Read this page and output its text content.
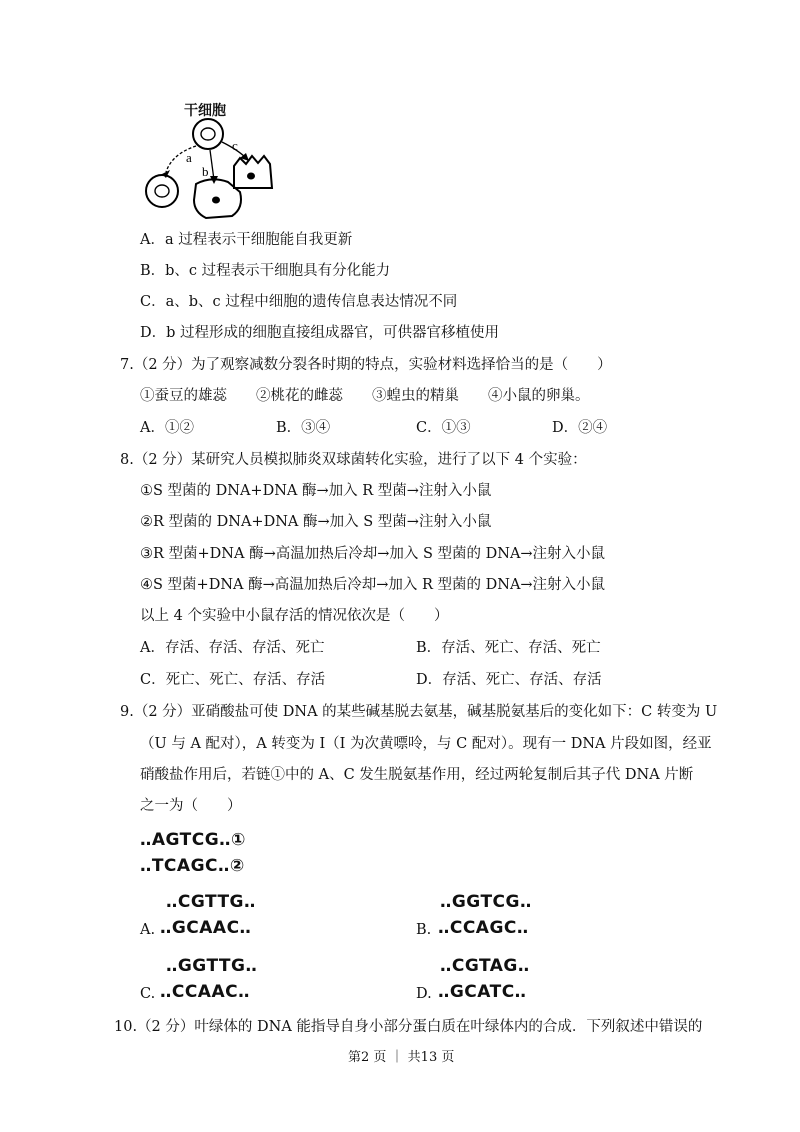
干细胞
a
b
c
A．a 过程表示干细胞能自我更新
B．b、c 过程表示干细胞具有分化能力
C．a、b、c 过程中细胞的遗传信息表达情况不同
D．b 过程形成的细胞直接组成器官，可供器官移植使用
7.（2 分）为了观察减数分裂各时期的特点，实验材料选择恰当的是（　　）
①蚕豆的雄蕊 ②桃花的雌蕊 ③蝗虫的精巢 ④小鼠的卵巢。
A．①②	B．③④	C．①③	D．②④
8.（2 分）某研究人员模拟肺炎双球菌转化实验，进行了以下 4 个实验：
①S 型菌的 DNA+DNA 酶→加入 R 型菌→注射入小鼠
②R 型菌的 DNA+DNA 酶→加入 S 型菌→注射入小鼠
③R 型菌+DNA 酶→高温加热后冷却→加入 S 型菌的 DNA→注射入小鼠
④S 型菌+DNA 酶→高温加热后冷却→加入 R 型菌的 DNA→注射入小鼠
以上 4 个实验中小鼠存活的情况依次是（　　）
A．存活、存活、存活、死亡	B．存活、死亡、存活、死亡
C．死亡、死亡、存活、存活	D．存活、死亡、存活、存活
9.（2 分）亚硝酸盐可使 DNA 的某些碱基脱去氨基，碱基脱氨基后的变化如下：C 转变为 U
（U 与 A 配对），A 转变为 I（I 为次黄嘌呤，与 C 配对）。现有一 DNA 片段如图，经亚
硝酸盐作用后，若链①中的 A、C 发生脱氨基作用，经过两轮复制后其子代 DNA 片断
之一为（　　）
‥AGTCG‥①
‥TCAGC‥②
‥CGTTG‥
A. ‥GCAAC‥
‥GGTCG‥
B. ‥CCAGC‥
‥GGTTG‥
C. ‥CCAAC‥
‥CGTAG‥
D. ‥GCATC‥
10.（2 分）叶绿体的 DNA 能指导自身小部分蛋白质在叶绿体内的合成．下列叙述中错误的
第2 页 ｜ 共13 页
